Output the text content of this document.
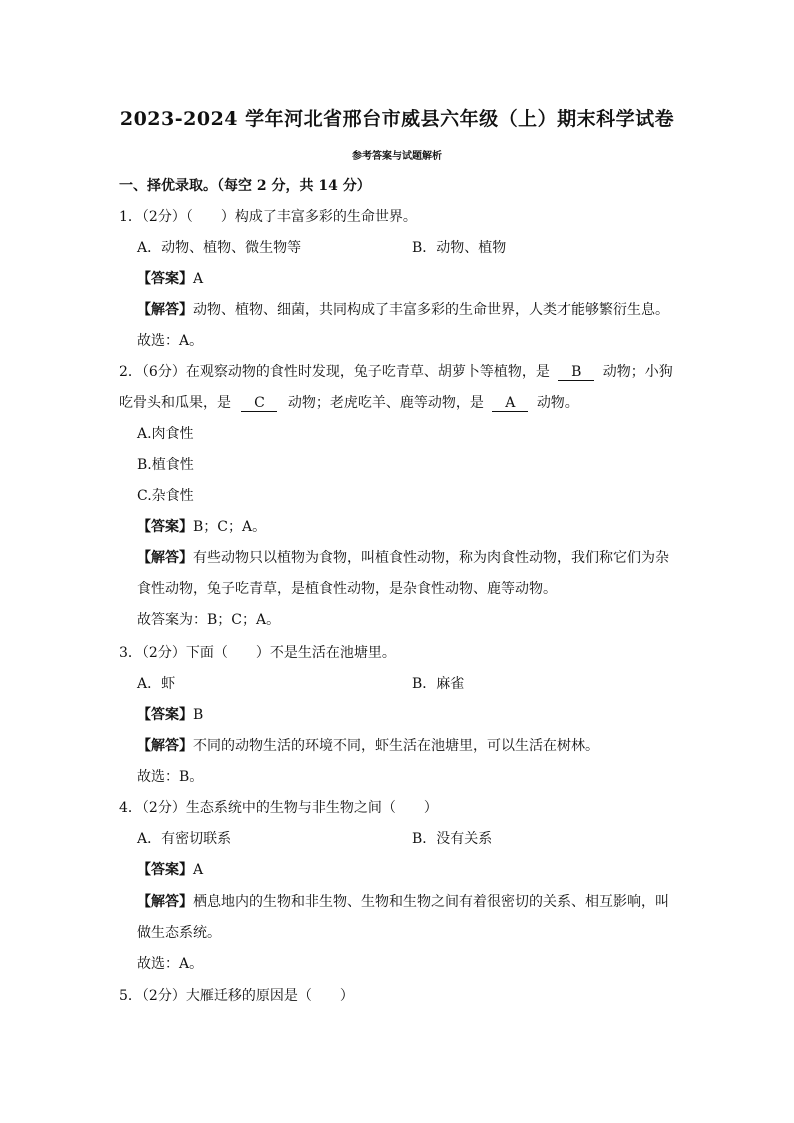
2023-2024 学年河北省邢台市威县六年级（上）期末科学试卷
参考答案与试题解析
一、择优录取。（每空 2 分，共 14 分）
1．（2分）（　　）构成了丰富多彩的生命世界。
A．动物、植物、微生物等	B．动物、植物
【答案】A
【解答】动物、植物、细菌，共同构成了丰富多彩的生命世界，人类才能够繁衍生息。
故选：A。
2．（6分）在观察动物的食性时发现，兔子吃青草、胡萝卜等植物，是 B 动物；小狗
吃骨头和瓜果，是 C 动物；老虎吃羊、鹿等动物，是 A 动物。
A.肉食性
B.植食性
C.杂食性
【答案】B；C；A。
【解答】有些动物只以植物为食物，叫植食性动物，称为肉食性动物，我们称它们为杂
食性动物，兔子吃青草，是植食性动物，是杂食性动物、鹿等动物。
故答案为：B；C；A。
3．（2分）下面（　　）不是生活在池塘里。
A．虾	B．麻雀
【答案】B
【解答】不同的动物生活的环境不同，虾生活在池塘里，可以生活在树林。
故选：B。
4．（2分）生态系统中的生物与非生物之间（　　）
A．有密切联系	B．没有关系
【答案】A
【解答】栖息地内的生物和非生物、生物和生物之间有着很密切的关系、相互影响，叫
做生态系统。
故选：A。
5．（2分）大雁迁移的原因是（　　）
